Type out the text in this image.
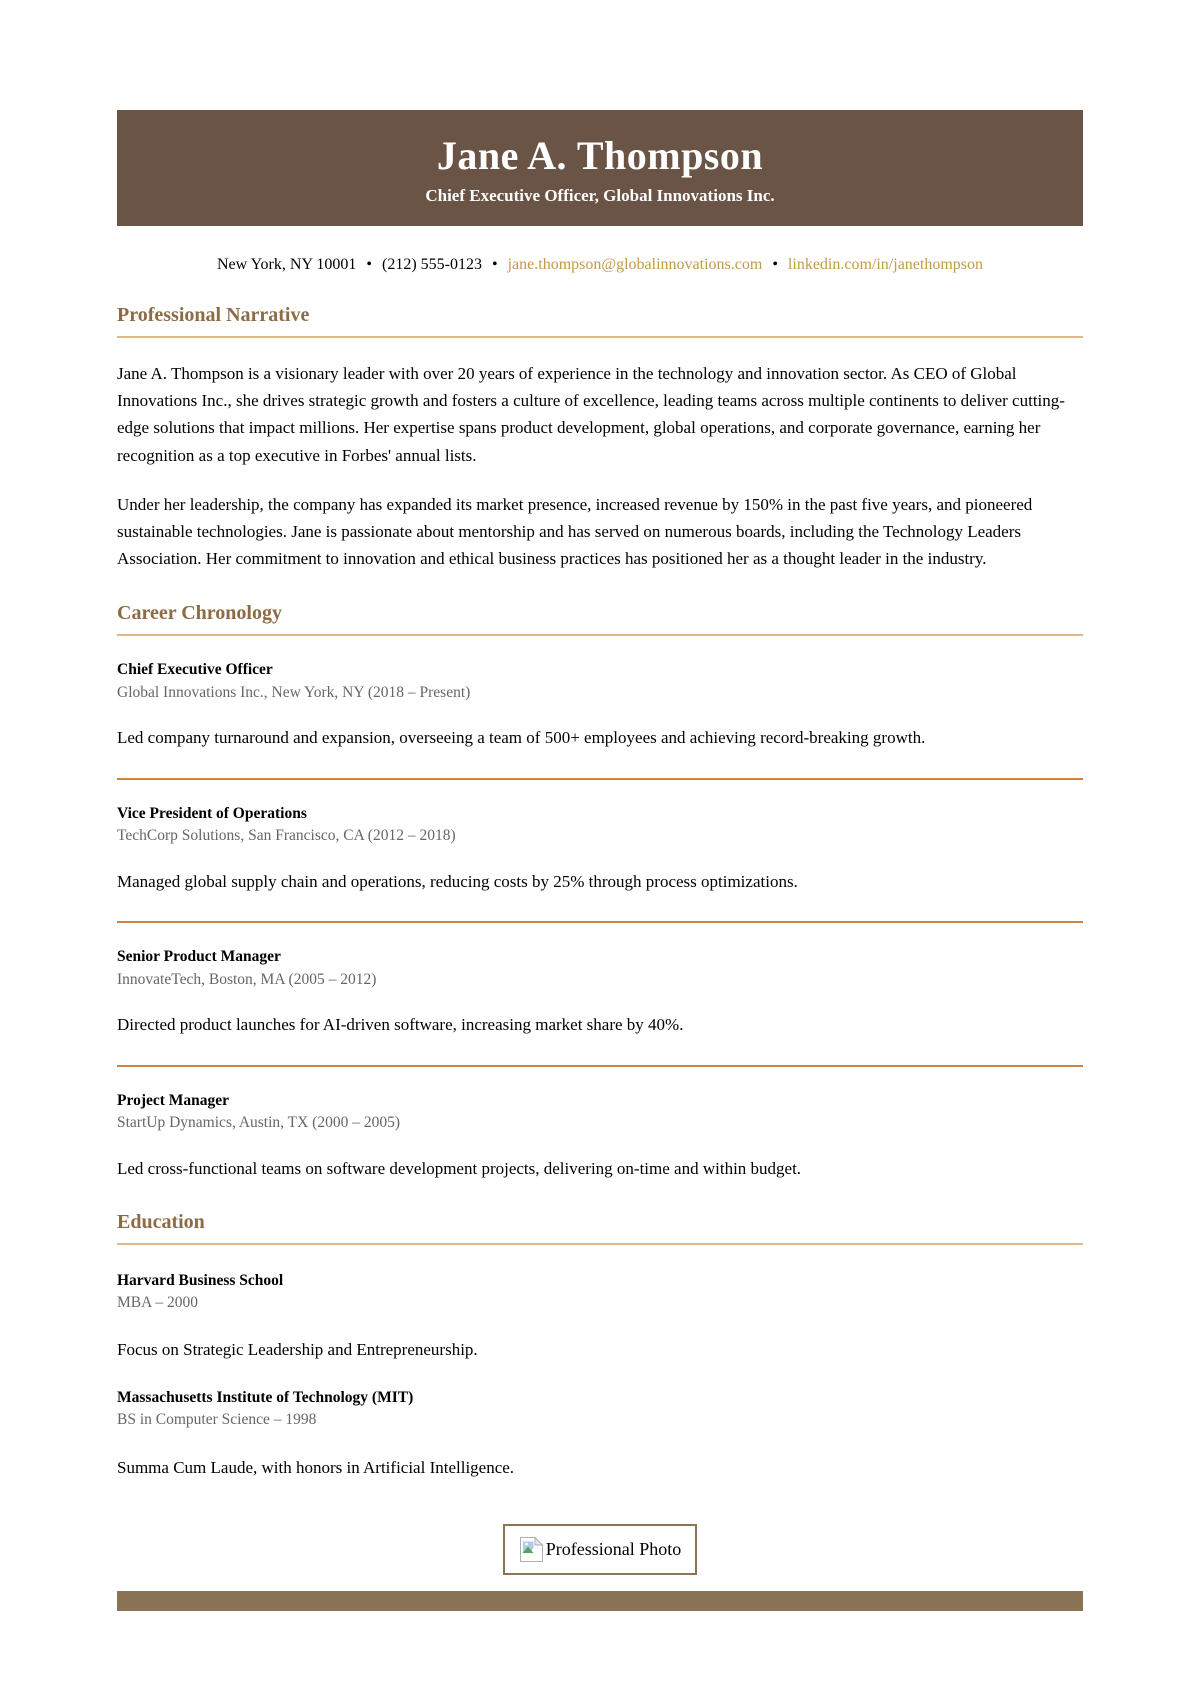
Jane A. Thompson
Chief Executive Officer, Global Innovations Inc.
New York, NY 10001 • (212) 555-0123 • jane.thompson@globalinnovations.com • linkedin.com/in/janethompson
Professional Narrative

Jane A. Thompson is a visionary leader with over 20 years of experience in the technology and innovation sector. As CEO of Global Innovations Inc., she drives strategic growth and fosters a culture of excellence, leading teams across multiple continents to deliver cutting-edge solutions that impact millions. Her expertise spans product development, global operations, and corporate governance, earning her recognition as a top executive in Forbes' annual lists.

Under her leadership, the company has expanded its market presence, increased revenue by 150% in the past five years, and pioneered sustainable technologies. Jane is passionate about mentorship and has served on numerous boards, including the Technology Leaders Association. Her commitment to innovation and ethical business practices has positioned her as a thought leader in the industry.

Career Chronology
Chief Executive Officer
Global Innovations Inc., New York, NY (2018 – Present)
Led company turnaround and expansion, overseeing a team of 500+ employees and achieving record-breaking growth.
Vice President of Operations
TechCorp Solutions, San Francisco, CA (2012 – 2018)
Managed global supply chain and operations, reducing costs by 25% through process optimizations.
Senior Product Manager
InnovateTech, Boston, MA (2005 – 2012)
Directed product launches for AI-driven software, increasing market share by 40%.
Project Manager
StartUp Dynamics, Austin, TX (2000 – 2005)
Led cross-functional teams on software development projects, delivering on-time and within budget.
Education
Harvard Business School
MBA – 2000
Focus on Strategic Leadership and Entrepreneurship.
Massachusetts Institute of Technology (MIT)
BS in Computer Science – 1998
Summa Cum Laude, with honors in Artificial Intelligence.
Professional Photo
